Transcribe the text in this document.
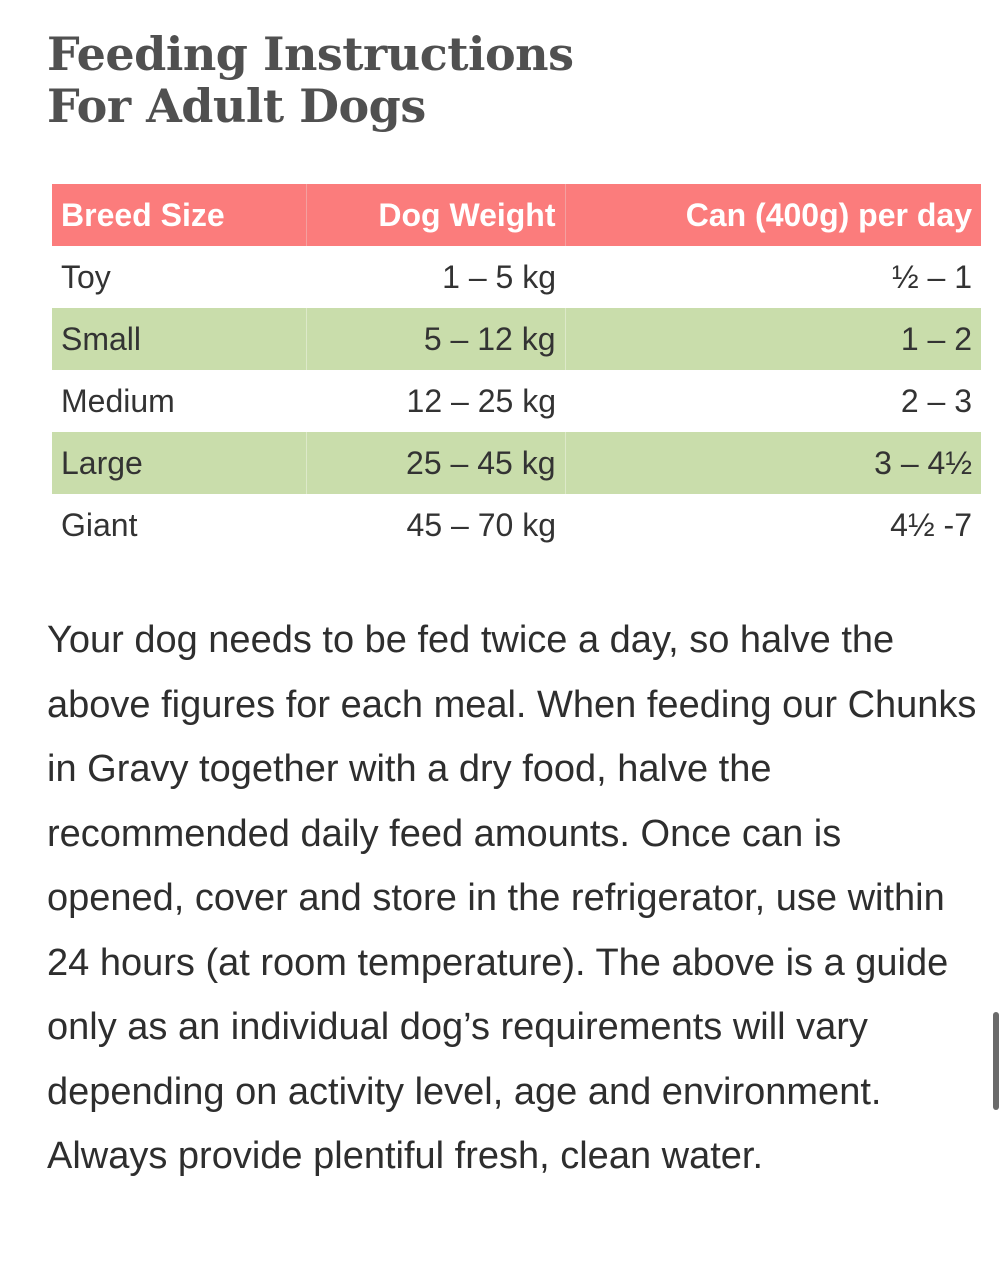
Feeding Instructions
For Adult Dogs
Breed Size	Dog Weight	Can (400g) per day
Toy	1 – 5 kg	½ – 1
Small	5 – 12 kg	1 – 2
Medium	12 – 25 kg	2 – 3
Large	25 – 45 kg	3 – 4½
Giant	45 – 70 kg	4½ -7

Your dog needs to be fed twice a day, so halve the above figures for each meal. When feeding our Chunks in Gravy together with a dry food, halve the recommended daily feed amounts. Once can is opened, cover and store in the refrigerator, use within 24 hours (at room temperature). The above is a guide only as an individual dog’s requirements will vary depending on activity level, age and environment. Always provide plentiful fresh, clean water.
